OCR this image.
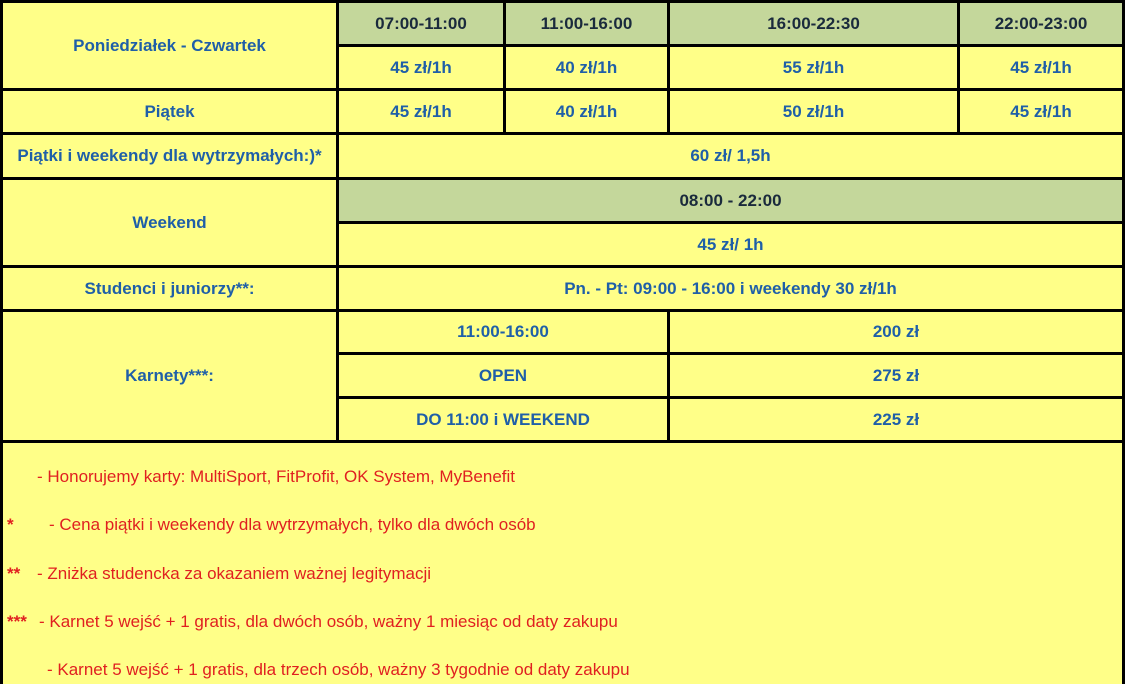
Poniedziałek - Czwartek
07:00-11:00	11:00-16:00	16:00-22:30	22:00-23:00
45 zł/1h	40 zł/1h	55 zł/1h	45 zł/1h
Piątek	45 zł/1h	40 zł/1h	50 zł/1h	45 zł/1h
Piątki i weekendy dla wytrzymałych:)*	60 zł/ 1,5h
Weekend
08:00 - 22:00
45 zł/ 1h
Studenci i juniorzy**:	Pn. - Pt: 09:00 - 16:00 i weekendy 30 zł/1h
Karnety***:
11:00-16:00	200 zł
OPEN	275 zł
DO 11:00 i WEEKEND	225 zł
- Honorujemy karty: MultiSport, FitProfit, OK System, MyBenefit
*	- Cena piątki i weekendy dla wytrzymałych, tylko dla dwóch osób
** - Zniżka studencka za okazaniem ważnej legitymacji
*** - Karnet 5 wejść + 1 gratis, dla dwóch osób, ważny 1 miesiąc od daty zakupu
- Karnet 5 wejść + 1 gratis, dla trzech osób, ważny 3 tygodnie od daty zakupu
